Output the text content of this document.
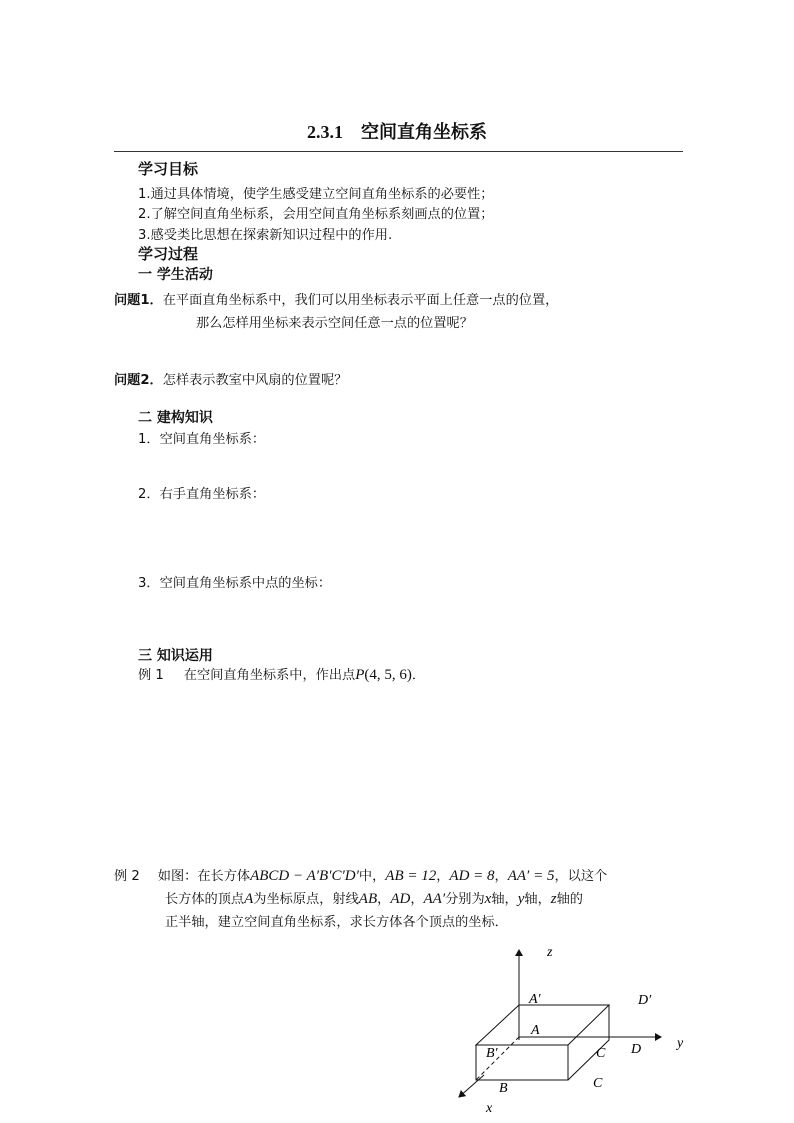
2.3.1 空间直角坐标系
学习目标
1.通过具体情境，使学生感受建立空间直角坐标系的必要性；
2.了解空间直角坐标系，会用空间直角坐标系刻画点的位置；
3.感受类比思想在探索新知识过程中的作用.
学习过程
一 学生活动
问题1．在平面直角坐标系中，我们可以用坐标表示平面上任意一点的位置，
那么怎样用坐标来表示空间任意一点的位置呢？
问题2．怎样表示教室中风扇的位置呢？
二 建构知识
1．空间直角坐标系：
2．右手直角坐标系：
3．空间直角坐标系中点的坐标：
三 知识运用
例 1 在空间直角坐标系中，作出点P(4, 5, 6)．
例 2 如图：在长方体ABCD − A′B′C′D′中，AB = 12，AD = 8，AA′ = 5，以这个
长方体的顶点A为坐标原点，射线AB，AD，AA′分别为x轴，y轴，z轴的
正半轴，建立空间直角坐标系，求长方体各个顶点的坐标．
z
y
x
A′	D′
A
B′	C D
B	C
